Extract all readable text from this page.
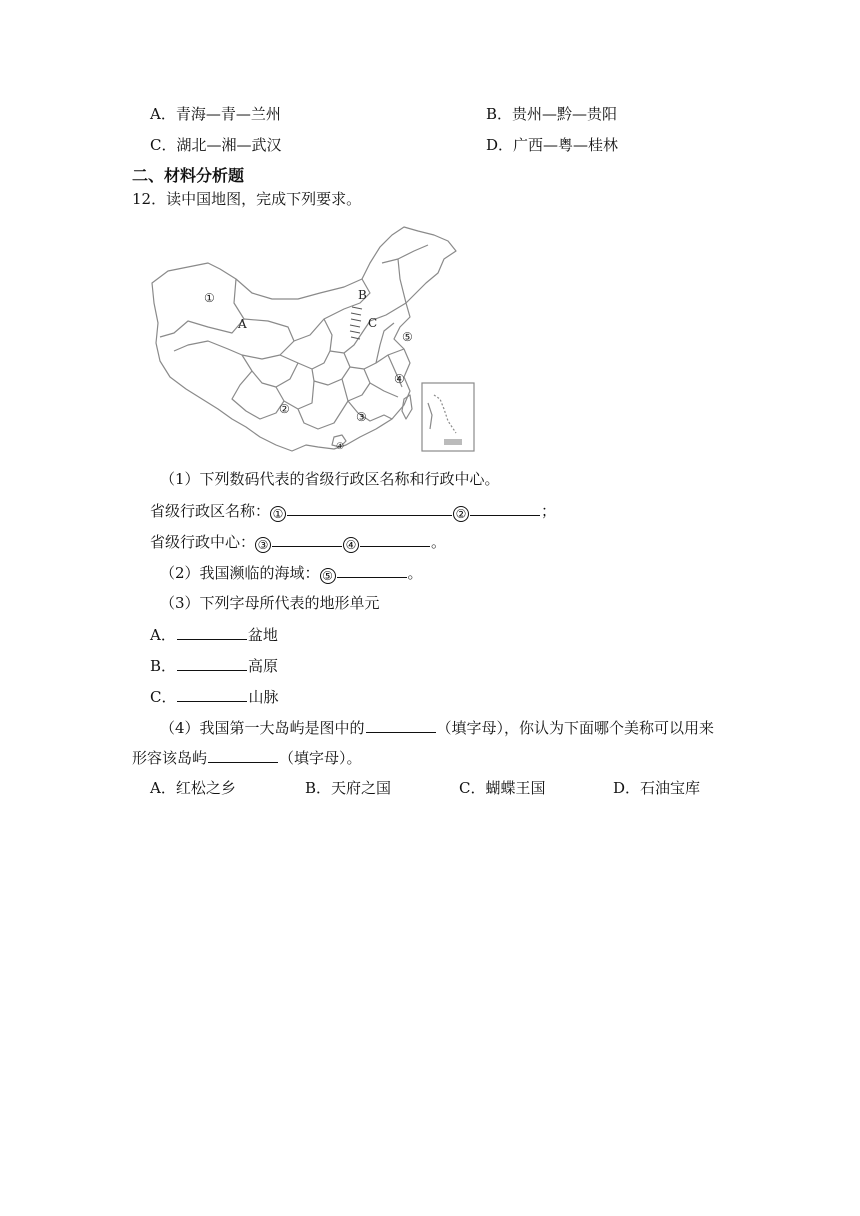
A．青海—青—兰州	B．贵州—黔—贵阳
C．湖北—湘—武汉	D．广西—粤—桂林
二、材料分析题
12．读中国地图，完成下列要求。
①
②
③
④
⑤
A
B
C
④
（1）下列数码代表的省级行政区名称和行政中心。
省级行政区名称： ①	②	；
省级行政中心： ③	④	。
（2）我国濒临的海域： ⑤	。
（3）下列字母所代表的地形单元
A．	盆地
B．	高原
C．	山脉
（4）我国第一大岛屿是图中的	（填字母），你认为下面哪个美称可以用来
形容该岛屿	（填字母）。
A．红松之乡	B．天府之国	C．蝴蝶王国	D．石油宝库
